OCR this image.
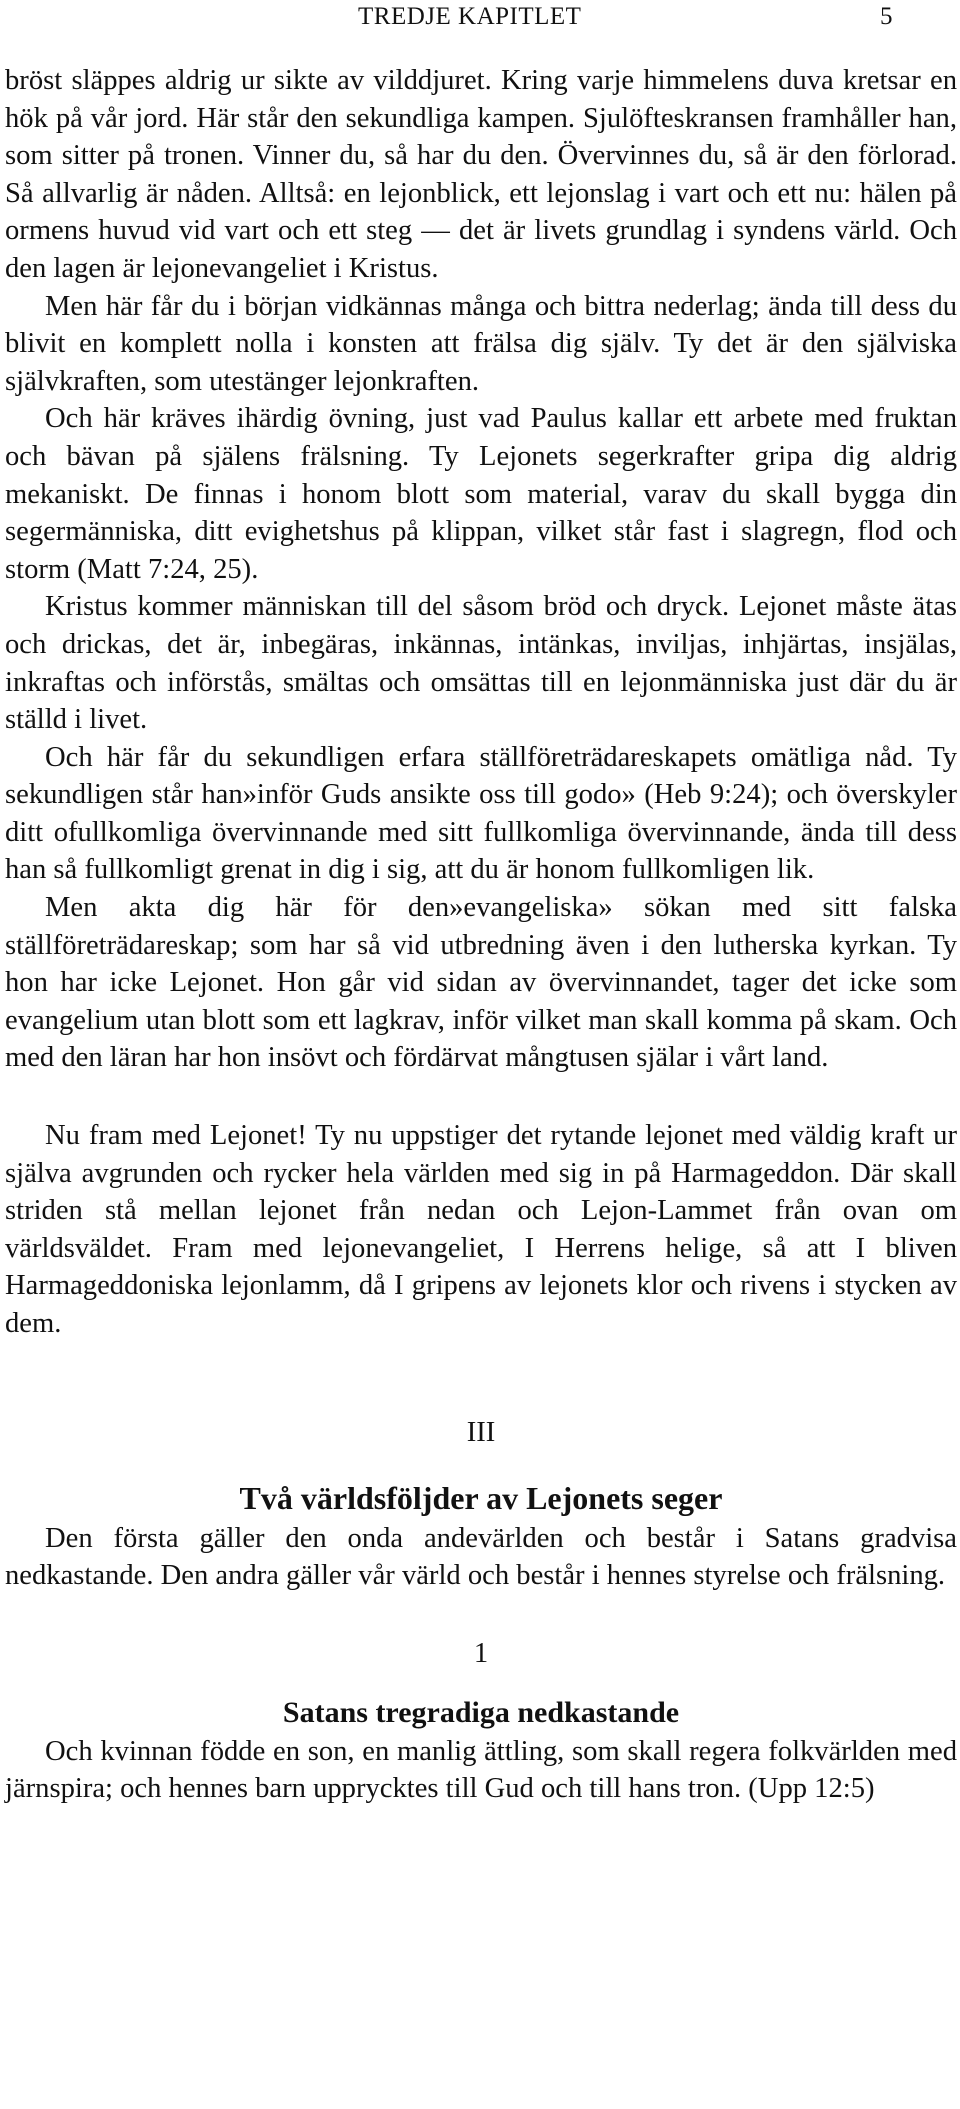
TREDJE KAPITLET	5

bröst släppes aldrig ur sikte av vilddjuret. Kring varje himmelens duva kretsar en hök på vår jord. Här står den sekundliga kampen. Sjulöfteskransen framhåller han, som sitter på tronen. Vinner du, så har du den. Övervinnes du, så är den förlorad. Så allvarlig är nåden. Alltså: en lejonblick, ett lejonslag i vart och ett nu: hälen på ormens huvud vid vart och ett steg — det är livets grundlag i syndens värld. Och den lagen är lejonevangeliet i Kristus.

Men här får du i början vidkännas många och bittra nederlag; ända till dess du blivit en komplett nolla i konsten att frälsa dig själv. Ty det är den själviska självkraften, som utestänger lejonkraften.

Och här kräves ihärdig övning, just vad Paulus kallar ett arbete med fruktan och bävan på själens frälsning. Ty Lejonets segerkrafter gripa dig aldrig mekaniskt. De finnas i honom blott som material, varav du skall bygga din segermänniska, ditt evighetshus på klippan, vilket står fast i slagregn, flod och storm (Matt 7:24, 25).

Kristus kommer människan till del såsom bröd och dryck. Lejonet måste ätas och drickas, det är, inbegäras, inkännas, intänkas, inviljas, inhjärtas, insjälas, inkraftas och införstås, smältas och omsättas till en lejonmänniska just där du är ställd i livet.

Och här får du sekundligen erfara ställföreträdareskapets omätliga nåd. Ty sekundligen står han»inför Guds ansikte oss till godo» (Heb 9:24); och överskyler ditt ofullkomliga övervinnande med sitt fullkomliga övervinnande, ända till dess han så fullkomligt grenat in dig i sig, att du är honom fullkomligen lik.

Men akta dig här för den»evangeliska» sökan med sitt falska ställföreträdareskap; som har så vid utbredning även i den lutherska kyrkan. Ty hon har icke Lejonet. Hon går vid sidan av övervinnandet, tager det icke som evangelium utan blott som ett lagkrav, inför vilket man skall komma på skam. Och med den läran har hon insövt och fördärvat mångtusen själar i vårt land.

Nu fram med Lejonet! Ty nu uppstiger det rytande lejonet med väldig kraft ur själva avgrunden och rycker hela världen med sig in på Harmageddon. Där skall striden stå mellan lejonet från nedan och Lejon-Lammet från ovan om världsväldet. Fram med lejonevangeliet, I Herrens helige, så att I bliven Harmageddoniska lejonlamm, då I gripens av lejonets klor och rivens i stycken av dem.

III
Två världsföljder av Lejonets seger

Den första gäller den onda andevärlden och består i Satans gradvisa nedkastande. Den andra gäller vår värld och består i hennes styrelse och frälsning.

1
Satans tregradiga nedkastande

Och kvinnan födde en son, en manlig ättling, som skall regera folkvärlden med järnspira; och hennes barn upprycktes till Gud och till hans tron. (Upp 12:5)
